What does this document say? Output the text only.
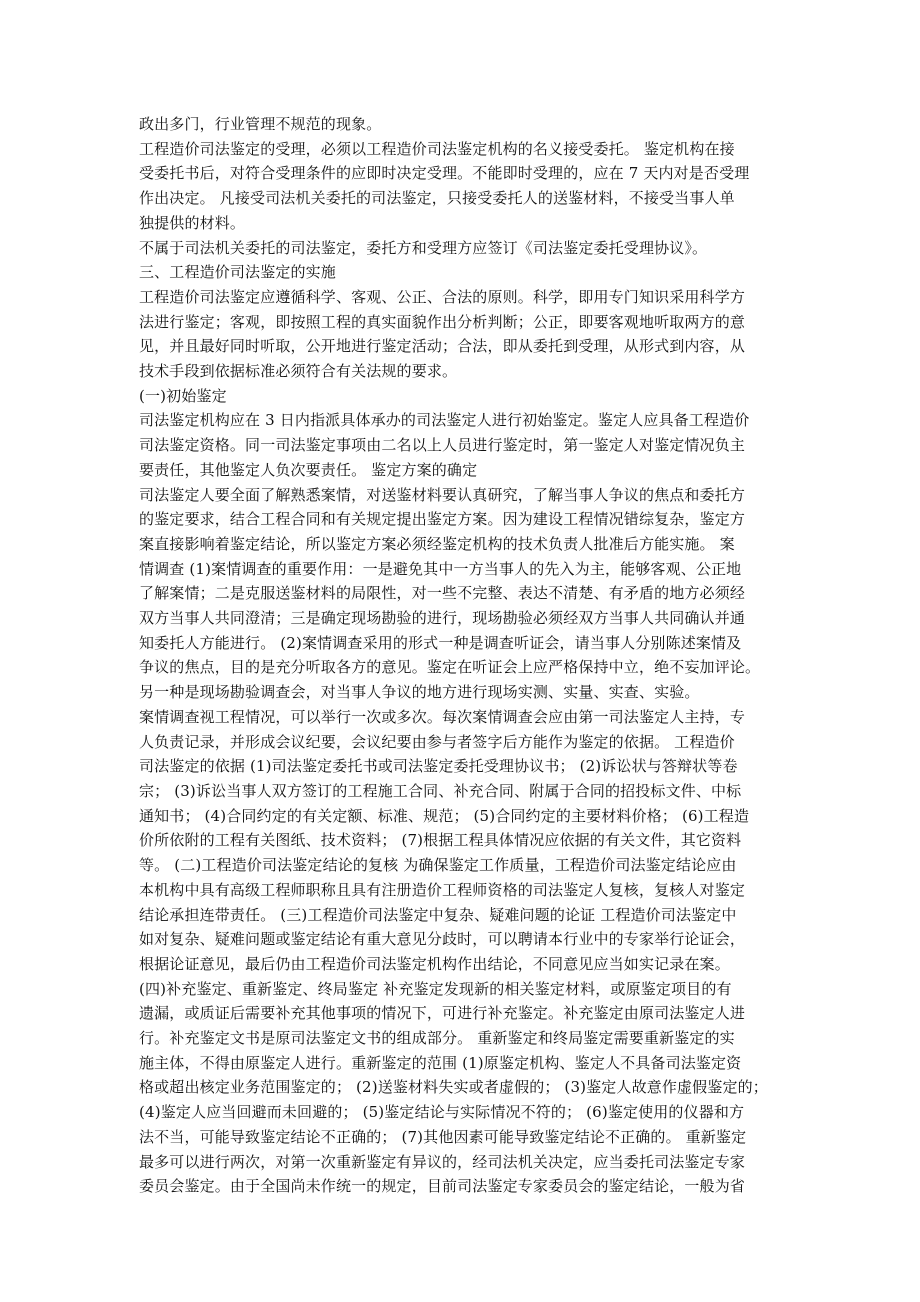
政出多门，行业管理不规范的现象。

工程造价司法鉴定的受理，必须以工程造价司法鉴定机构的名义接受委托。 鉴定机构在接

受委托书后，对符合受理条件的应即时决定受理。不能即时受理的，应在 7 天内对是否受理

作出决定。 凡接受司法机关委托的司法鉴定，只接受委托人的送鉴材料，不接受当事人单

独提供的材料。

不属于司法机关委托的司法鉴定，委托方和受理方应签订《司法鉴定委托受理协议》。

三、工程造价司法鉴定的实施

工程造价司法鉴定应遵循科学、客观、公正、合法的原则。科学，即用专门知识采用科学方

法进行鉴定；客观，即按照工程的真实面貌作出分析判断；公正，即要客观地听取两方的意

见，并且最好同时听取，公开地进行鉴定活动；合法，即从委托到受理，从形式到内容，从

技术手段到依据标准必须符合有关法规的要求。

(一)初始鉴定

司法鉴定机构应在 3 日内指派具体承办的司法鉴定人进行初始鉴定。鉴定人应具备工程造价

司法鉴定资格。同一司法鉴定事项由二名以上人员进行鉴定时，第一鉴定人对鉴定情况负主

要责任，其他鉴定人负次要责任。 鉴定方案的确定

司法鉴定人要全面了解熟悉案情，对送鉴材料要认真研究，了解当事人争议的焦点和委托方

的鉴定要求，结合工程合同和有关规定提出鉴定方案。因为建设工程情况错综复杂，鉴定方

案直接影响着鉴定结论，所以鉴定方案必须经鉴定机构的技术负责人批准后方能实施。 案

情调查 (1)案情调查的重要作用：一是避免其中一方当事人的先入为主，能够客观、公正地

了解案情；二是克服送鉴材料的局限性，对一些不完整、表达不清楚、有矛盾的地方必须经

双方当事人共同澄清；三是确定现场勘验的进行，现场勘验必须经双方当事人共同确认并通

知委托人方能进行。 (2)案情调查采用的形式一种是调查听证会，请当事人分别陈述案情及

争议的焦点，目的是充分听取各方的意见。鉴定在听证会上应严格保持中立，绝不妄加评论。

另一种是现场勘验调查会，对当事人争议的地方进行现场实测、实量、实查、实验。

案情调查视工程情况，可以举行一次或多次。每次案情调查会应由第一司法鉴定人主持，专

人负责记录，并形成会议纪要，会议纪要由参与者签字后方能作为鉴定的依据。 工程造价

司法鉴定的依据 (1)司法鉴定委托书或司法鉴定委托受理协议书； (2)诉讼状与答辩状等卷

宗； (3)诉讼当事人双方签订的工程施工合同、补充合同、附属于合同的招投标文件、中标

通知书； (4)合同约定的有关定额、标准、规范； (5)合同约定的主要材料价格； (6)工程造

价所依附的工程有关图纸、技术资料； (7)根据工程具体情况应依据的有关文件，其它资料

等。 (二)工程造价司法鉴定结论的复核 为确保鉴定工作质量，工程造价司法鉴定结论应由

本机构中具有高级工程师职称且具有注册造价工程师资格的司法鉴定人复核，复核人对鉴定

结论承担连带责任。 (三)工程造价司法鉴定中复杂、疑难问题的论证 工程造价司法鉴定中

如对复杂、疑难问题或鉴定结论有重大意见分歧时，可以聘请本行业中的专家举行论证会，

根据论证意见，最后仍由工程造价司法鉴定机构作出结论，不同意见应当如实记录在案。

(四)补充鉴定、重新鉴定、终局鉴定 补充鉴定发现新的相关鉴定材料，或原鉴定项目的有

遗漏，或质证后需要补充其他事项的情况下，可进行补充鉴定。补充鉴定由原司法鉴定人进

行。补充鉴定文书是原司法鉴定文书的组成部分。 重新鉴定和终局鉴定需要重新鉴定的实

施主体，不得由原鉴定人进行。重新鉴定的范围 (1)原鉴定机构、鉴定人不具备司法鉴定资

格或超出核定业务范围鉴定的； (2)送鉴材料失实或者虚假的； (3)鉴定人故意作虚假鉴定的；

(4)鉴定人应当回避而未回避的； (5)鉴定结论与实际情况不符的； (6)鉴定使用的仪器和方

法不当，可能导致鉴定结论不正确的； (7)其他因素可能导致鉴定结论不正确的。 重新鉴定

最多可以进行两次，对第一次重新鉴定有异议的，经司法机关决定，应当委托司法鉴定专家

委员会鉴定。由于全国尚未作统一的规定，目前司法鉴定专家委员会的鉴定结论，一般为省
